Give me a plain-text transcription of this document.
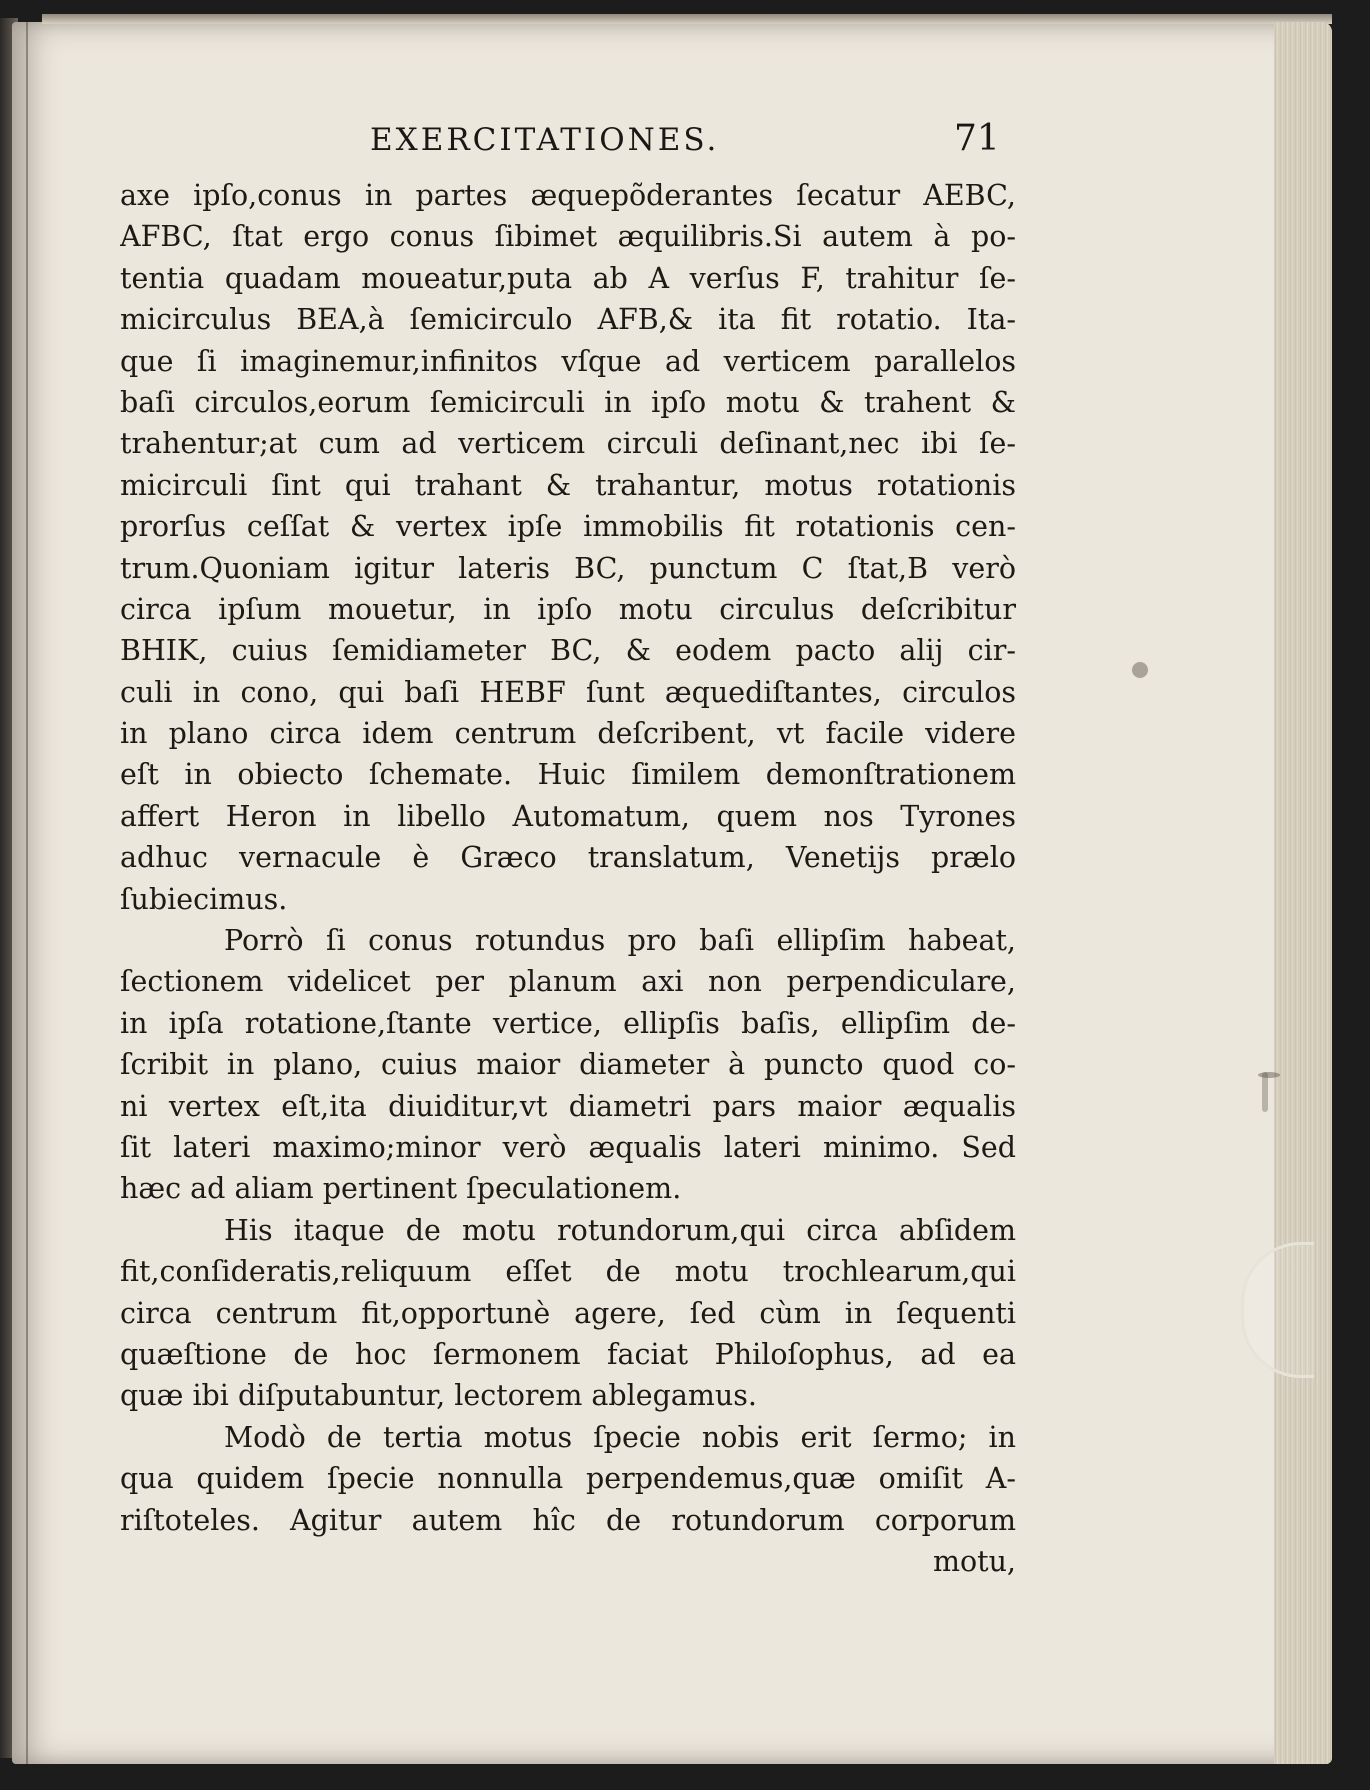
EXERCITATIONES.	71
axe ipſo,conus in partes æquepõderantes ſecatur AEBC,
AFBC, ſtat ergo conus ſibimet æquilibris.Si autem à po-
tentia quadam moueatur,puta ab A verſus F, trahitur ſe-
micirculus BEA,à ſemicirculo AFB,& ita fit rotatio. Ita-
que ſi imaginemur,infinitos vſque ad verticem parallelos
baſi circulos,eorum ſemicirculi in ipſo motu & trahent &
trahentur;at cum ad verticem circuli deſinant,nec ibi ſe-
micirculi ſint qui trahant & trahantur, motus rotationis
prorſus ceſſat & vertex ipſe immobilis fit rotationis cen-
trum.Quoniam igitur lateris BC, punctum C ſtat,B verò
circa ipſum mouetur, in ipſo motu circulus deſcribitur
BHIK, cuius ſemidiameter BC, & eodem pacto alij cir-
culi in cono, qui baſi HEBF ſunt æquediſtantes, circulos
in plano circa idem centrum deſcribent, vt facile videre
eſt in obiecto ſchemate. Huic ſimilem demonſtrationem
affert Heron in libello Automatum, quem nos Tyrones
adhuc vernacule è Græco translatum, Venetijs prælo
ſubiecimus.
Porrò ſi conus rotundus pro baſi ellipſim habeat,
ſectionem videlicet per planum axi non perpendiculare,
in ipſa rotatione,ſtante vertice, ellipſis baſis, ellipſim de-
ſcribit in plano, cuius maior diameter à puncto quod co-
ni vertex eſt,ita diuiditur,vt diametri pars maior æqualis
ſit lateri maximo;minor verò æqualis lateri minimo. Sed
hæc ad aliam pertinent ſpeculationem.
His itaque de motu rotundorum,qui circa abſidem
fit,conſideratis,reliquum eſſet de motu trochlearum,qui
circa centrum fit,opportunè agere, ſed cùm in ſequenti
quæſtione de hoc ſermonem faciat Philoſophus, ad ea
quæ ibi diſputabuntur, lectorem ablegamus.
Modò de tertia motus ſpecie nobis erit ſermo; in
qua quidem ſpecie nonnulla perpendemus,quæ omiſit A-
riſtoteles. Agitur autem hîc de rotundorum corporum
motu,
